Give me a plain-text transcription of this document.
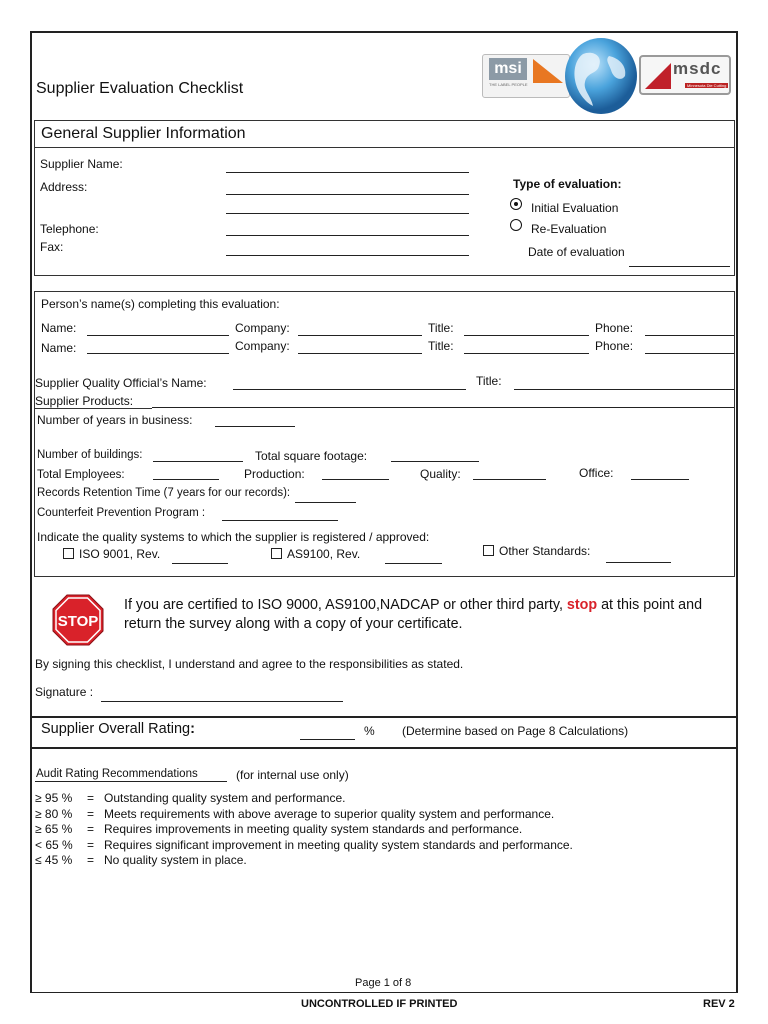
Supplier Evaluation Checklist
msi
THE LABEL PEOPLE
msdc
Minnesota Die Cutting
General Supplier Information
Supplier Name:
Address:
Telephone:
Fax:
Type of evaluation:
Initial Evaluation
Re-Evaluation
Date of evaluation
Person’s name(s) completing this evaluation:
Name:	Company:	Title:	Phone:
Name:	Company:	Title:	Phone:
Supplier Quality Official’s Name:	Title:
Supplier Products:
Number of years in business:
Number of buildings:	Total square footage:
Total Employees:	Production:	Quality:	Office:
Records Retention Time (7 years for our records):
Counterfeit Prevention Program :
Indicate the quality systems to which the supplier is registered / approved:
ISO 9001, Rev.	AS9100, Rev.	Other Standards:
STOP
If you are certified to ISO 9000, AS9100,NADCAP or other third party, stop at this point and
return the survey along with a copy of your certificate.
By signing this checklist, I understand and agree to the responsibilities as stated.
Signature :
Supplier Overall Rating:	% (Determine based on Page 8 Calculations)
Audit Rating Recommendations	(for internal use only)
≥ 95 % = Outstanding quality system and performance.
≥ 80 % = Meets requirements with above average to superior quality system and performance.
≥ 65 % = Requires improvements in meeting quality system standards and performance.
< 65 % = Requires significant improvement in meeting quality system standards and performance.
≤ 45 % = No quality system in place.
Page 1 of 8
UNCONTROLLED IF PRINTED	REV 2
